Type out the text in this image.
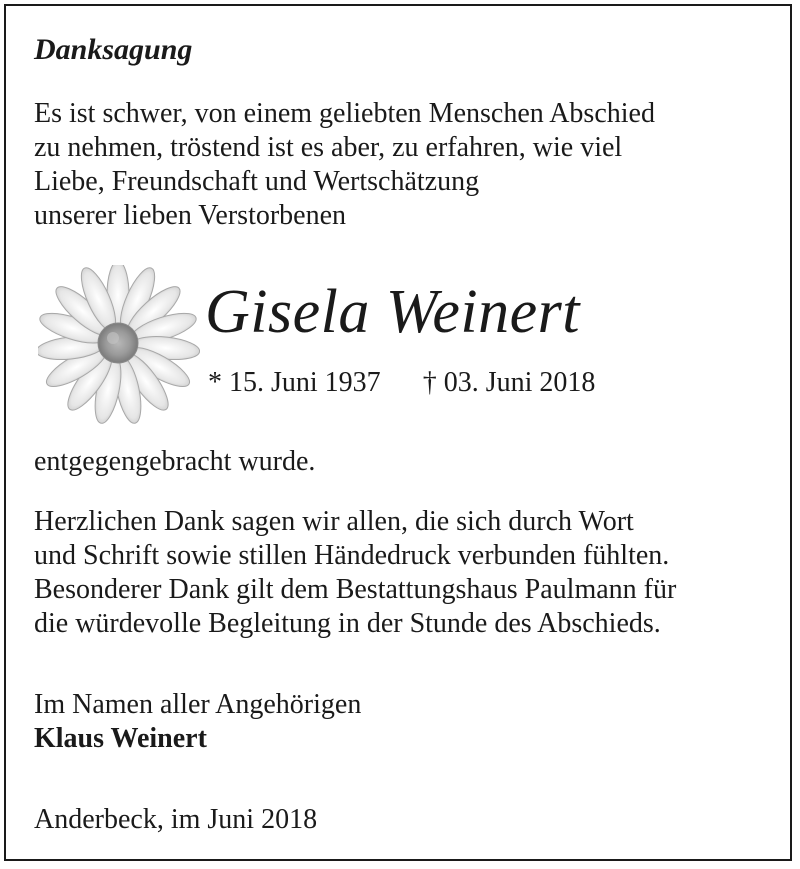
Danksagung
Es ist schwer, von einem geliebten Menschen Abschied
zu nehmen, tröstend ist es aber, zu erfahren, wie viel
Liebe, Freundschaft und Wertschätzung
unserer lieben Verstorbenen
Gisela Weinert
* 15. Juni 1937 † 03. Juni 2018
entgegengebracht wurde.
Herzlichen Dank sagen wir allen, die sich durch Wort
und Schrift sowie stillen Händedruck verbunden fühlten.
Besonderer Dank gilt dem Bestattungshaus Paulmann für
die würdevolle Begleitung in der Stunde des Abschieds.
Im Namen aller Angehörigen
Klaus Weinert
Anderbeck, im Juni 2018
